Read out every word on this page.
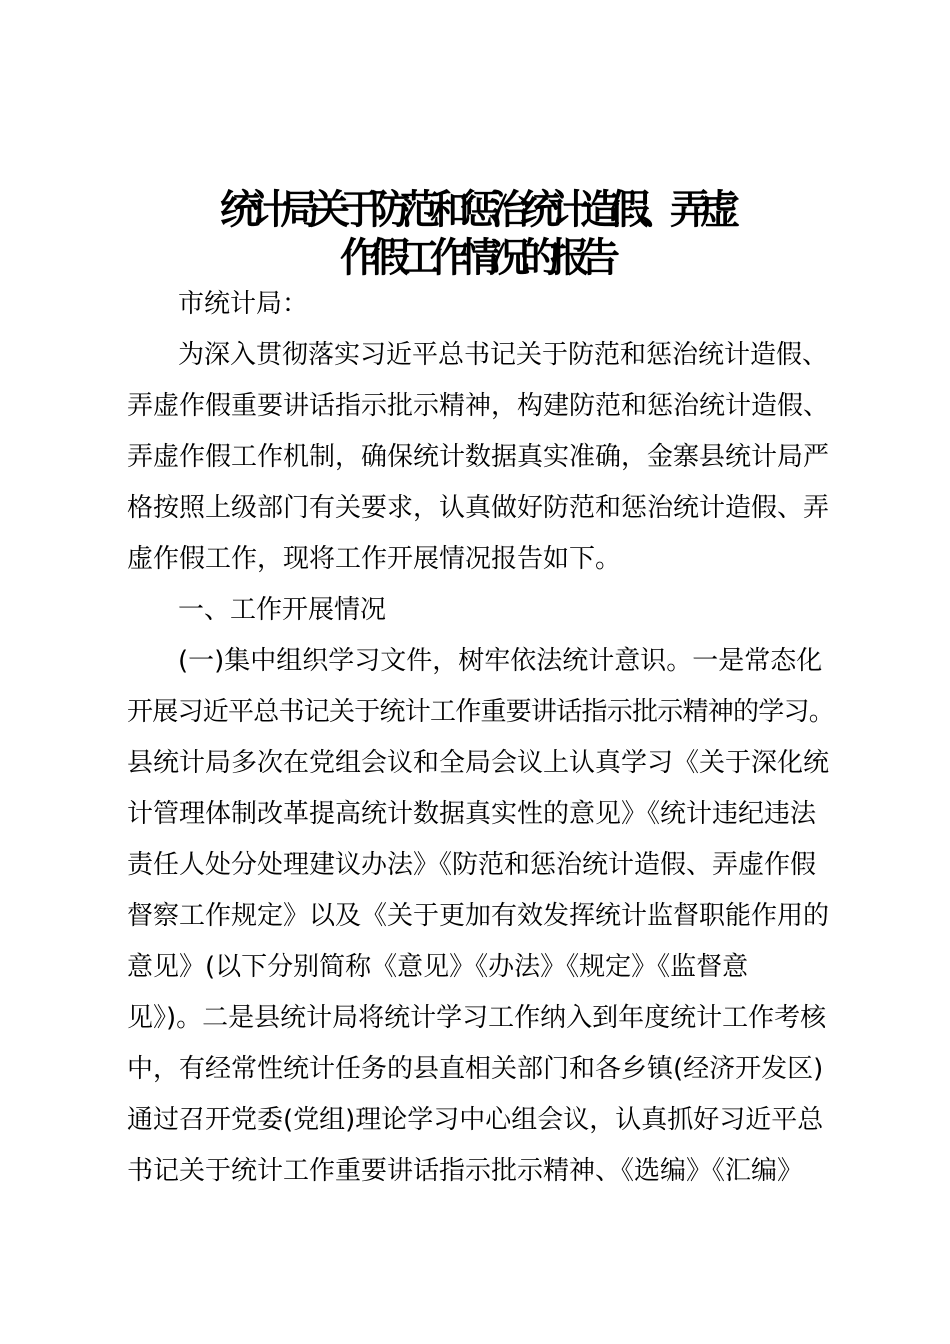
统计局关于防范和惩治统计造假、弄虚
作假工作情况的报告

市统计局：

为深入贯彻落实习近平总书记关于防范和惩治统计造假、

弄虚作假重要讲话指示批示精神，构建防范和惩治统计造假、

弄虚作假工作机制，确保统计数据真实准确，金寨县统计局严

格按照上级部门有关要求，认真做好防范和惩治统计造假、弄

虚作假工作，现将工作开展情况报告如下。

一、工作开展情况

(一)集中组织学习文件，树牢依法统计意识。一是常态化

开展习近平总书记关于统计工作重要讲话指示批示精神的学习。

县统计局多次在党组会议和全局会议上认真学习《关于深化统

计管理体制改革提高统计数据真实性的意见》《统计违纪违法

责任人处分处理建议办法》《防范和惩治统计造假、弄虚作假

督察工作规定》以及《关于更加有效发挥统计监督职能作用的

意见》(以下分别简称《意见》《办法》《规定》《监督意

见》)。二是县统计局将统计学习工作纳入到年度统计工作考核

中，有经常性统计任务的县直相关部门和各乡镇(经济开发区)

通过召开党委(党组)理论学习中心组会议，认真抓好习近平总

书记关于统计工作重要讲话指示批示精神、《选编》《汇编》
